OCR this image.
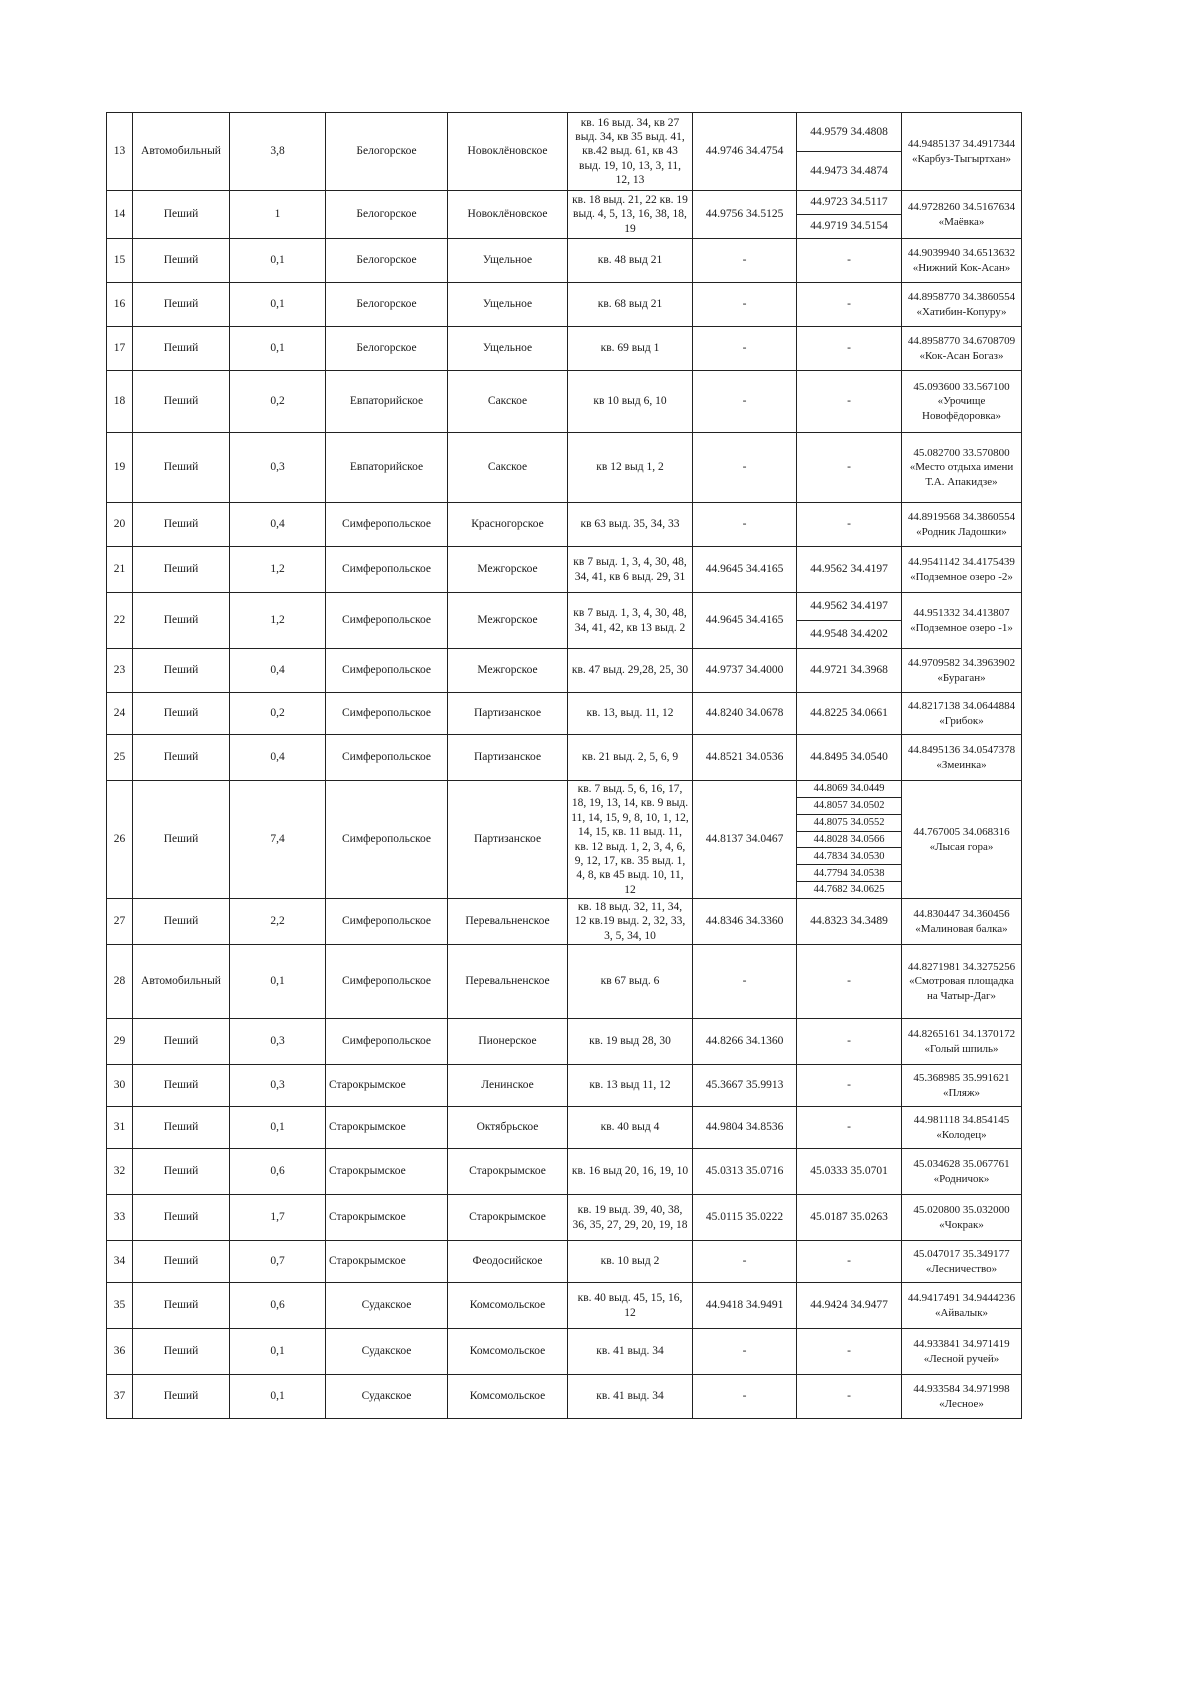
13	Автомобильный	3,8	Белогорское	Новоклёновское	кв. 16 выд. 34, кв 27 выд. 34, кв 35 выд. 41, кв.42 выд. 61, кв 43 выд. 19, 10, 13, 3, 11, 12, 13	44.9746 34.4754	44.9579 34.4808	44.9485137 34.4917344 «Карбуз-Тыгыртхан»
							44.9473 34.4874	
14	Пеший	1	Белогорское	Новоклёновское	кв. 18 выд. 21, 22 кв. 19 выд. 4, 5, 13, 16, 38, 18, 19	44.9756 34.5125	44.9723 34.5117	44.9728260 34.5167634 «Маёвка»
							44.9719 34.5154	
15	Пеший	0,1	Белогорское	Ущельное	кв. 48 выд 21	-	-	44.9039940 34.6513632 «Нижний Кок-Асан»
16	Пеший	0,1	Белогорское	Ущельное	кв. 68 выд 21	-	-	44.8958770 34.3860554 «Хатибин-Копуру»
17	Пеший	0,1	Белогорское	Ущельное	кв. 69 выд 1	-	-	44.8958770 34.6708709 «Кок-Асан Богаз»
18	Пеший	0,2	Евпаторийское	Сакское	кв 10 выд 6, 10	-	-	45.093600 33.567100 «Урочище Новофёдоровка»
19	Пеший	0,3	Евпаторийское	Сакское	кв 12 выд 1, 2	-	-	45.082700 33.570800 «Место отдыха имени Т.А. Апакидзе»
20	Пеший	0,4	Симферопольское	Красногорское	кв 63 выд. 35, 34, 33	-	-	44.8919568 34.3860554 «Родник Ладошки»
21	Пеший	1,2	Симферопольское	Межгорское	кв 7 выд. 1, 3, 4, 30, 48, 34, 41, кв 6 выд. 29, 31	44.9645 34.4165	44.9562 34.4197	44.9541142 34.4175439 «Подземное озеро -2»
22	Пеший	1,2	Симферопольское	Межгорское	кв 7 выд. 1, 3, 4, 30, 48, 34, 41, 42, кв 13 выд. 2	44.9645 34.4165	44.9562 34.4197	44.951332 34.413807 «Подземное озеро -1»
							44.9548 34.4202	
23	Пеший	0,4	Симферопольское	Межгорское	кв. 47 выд. 29,28, 25, 30	44.9737 34.4000	44.9721 34.3968	44.9709582 34.3963902 «Бураган»
24	Пеший	0,2	Симферопольское	Партизанское	кв. 13, выд. 11, 12	44.8240 34.0678	44.8225 34.0661	44.8217138 34.0644884 «Грибок»
25	Пеший	0,4	Симферопольское	Партизанское	кв. 21 выд. 2, 5, 6, 9	44.8521 34.0536	44.8495 34.0540	44.8495136 34.0547378 «Змеинка»
26	Пеший	7,4	Симферопольское	Партизанское	кв. 7 выд. 5, 6, 16, 17, 18, 19, 13, 14, кв. 9 выд. 11, 14, 15, 9, 8, 10, 1, 12, 14, 15, кв. 11 выд. 11, кв. 12 выд. 1, 2, 3, 4, 6, 9, 12, 17, кв. 35 выд. 1, 4, 8, кв 45 выд. 10, 11, 12	44.8137 34.0467	44.8069 34.0449	44.767005 34.068316 «Лысая гора»
							44.8057 34.0502	
							44.8075 34.0552	
							44.8028 34.0566	
							44.7834 34.0530	
							44.7794 34.0538	
							44.7682 34.0625	
27	Пеший	2,2	Симферопольское	Перевальненское	кв. 18 выд. 32, 11, 34, 12 кв.19 выд. 2, 32, 33, 3, 5, 34, 10	44.8346 34.3360	44.8323 34.3489	44.830447 34.360456 «Малиновая балка»
28	Автомобильный	0,1	Симферопольское	Перевальненское	кв 67 выд. 6	-	-	44.8271981 34.3275256 «Смотровая площадка на Чатыр-Даг»
29	Пеший	0,3	Симферопольское	Пионерское	кв. 19 выд 28, 30	44.8266 34.1360	-	44.8265161 34.1370172 «Голый шпиль»
30	Пеший	0,3	Старокрымское	Ленинское	кв. 13 выд 11, 12	45.3667 35.9913	-	45.368985 35.991621 «Пляж»
31	Пеший	0,1	Старокрымское	Октябрьское	кв. 40 выд 4	44.9804 34.8536	-	44.981118 34.854145 «Колодец»
32	Пеший	0,6	Старокрымское	Старокрымское	кв. 16 выд 20, 16, 19, 10	45.0313 35.0716	45.0333 35.0701	45.034628 35.067761 «Родничок»
33	Пеший	1,7	Старокрымское	Старокрымское	кв. 19 выд. 39, 40, 38, 36, 35, 27, 29, 20, 19, 18	45.0115 35.0222	45.0187 35.0263	45.020800 35.032000 «Чокрак»
34	Пеший	0,7	Старокрымское	Феодосийское	кв. 10 выд 2	-	-	45.047017 35.349177 «Лесничество»
35	Пеший	0,6	Судакское	Комсомольское	кв. 40 выд. 45, 15, 16, 12	44.9418 34.9491	44.9424 34.9477	44.9417491 34.9444236 «Айвалык»
36	Пеший	0,1	Судакское	Комсомольское	кв. 41 выд. 34	-	-	44.933841 34.971419 «Лесной ручей»
37	Пеший	0,1	Судакское	Комсомольское	кв. 41 выд. 34	-	-	44.933584 34.971998 «Лесное»
